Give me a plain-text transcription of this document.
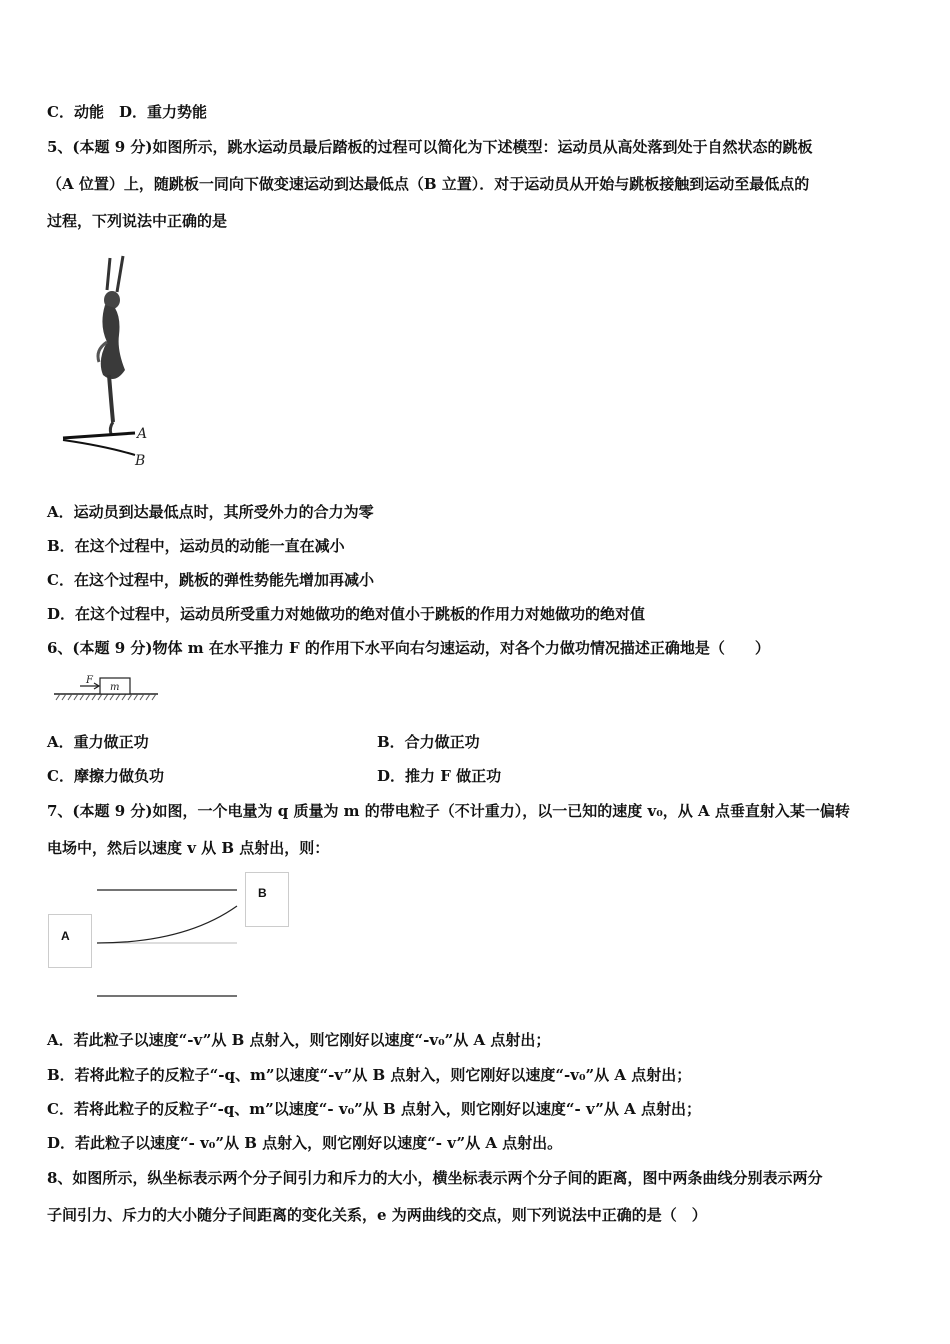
C．动能　 D．重力势能
5、(本题 9 分)如图所示，跳水运动员最后踏板的过程可以简化为下述模型：运动员从高处落到处于自然状态的跳板
（A 位置）上，随跳板一同向下做变速运动到达最低点（B 立置）．对于运动员从开始与跳板接触到运动至最低点的
过程，下列说法中正确的是
A
B
A．运动员到达最低点时，其所受外力的合力为零
B．在这个过程中，运动员的动能一直在减小
C．在这个过程中，跳板的弹性势能先增加再减小
D．在这个过程中，运动员所受重力对她做功的绝对值小于跳板的作用力对她做功的绝对值
6、(本题 9 分)物体 m 在水平推力 F 的作用下水平向右匀速运动，对各个力做功情况描述正确地是（　　）
F
m
A．重力做正功	B．合力做正功
C．摩擦力做负功	D．推力 F 做正功
7、(本题 9 分)如图，一个电量为 q 质量为 m 的带电粒子（不计重力），以一已知的速度 v₀，从 A 点垂直射入某一偏转
电场中，然后以速度 v 从 B 点射出，则：
A
B
A．若此粒子以速度“-v”从 B 点射入，则它刚好以速度“-v₀”从 A 点射出；
B．若将此粒子的反粒子“-q、m”以速度“-v”从 B 点射入，则它刚好以速度“-v₀”从 A 点射出；
C．若将此粒子的反粒子“-q、m”以速度“- v₀”从 B 点射入，则它刚好以速度“- v”从 A 点射出；
D．若此粒子以速度“- v₀”从 B 点射入，则它刚好以速度“- v”从 A 点射出。
8、如图所示，纵坐标表示两个分子间引力和斥力的大小，横坐标表示两个分子间的距离，图中两条曲线分别表示两分
子间引力、斥力的大小随分子间距离的变化关系，e 为两曲线的交点，则下列说法中正确的是（　）
